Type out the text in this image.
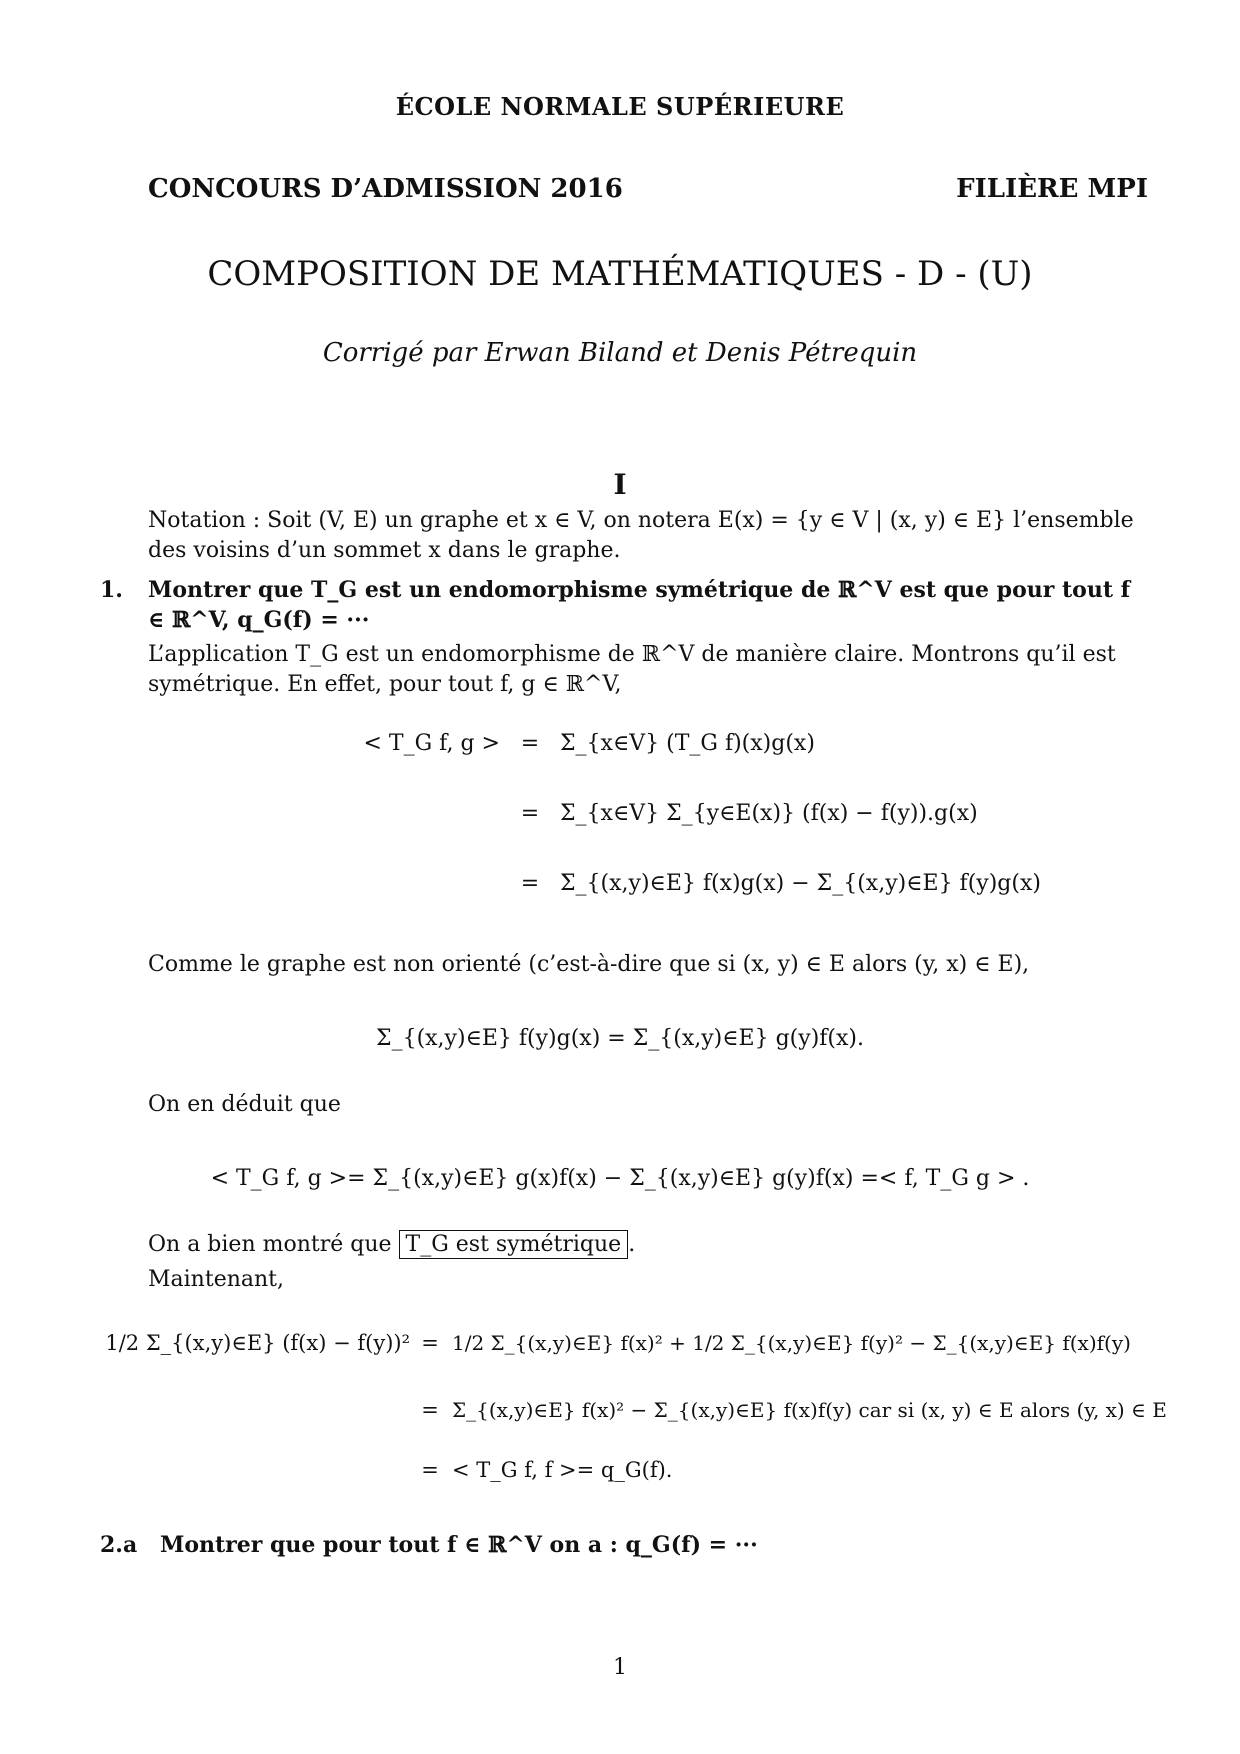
ÉCOLE NORMALE SUPÉRIEURE
CONCOURS D’ADMISSION 2016	FILIÈRE MPI
COMPOSITION DE MATHÉMATIQUES - D - (U)
Corrigé par Erwan Biland et Denis Pétrequin
I
Notation : Soit (V, E) un graphe et x ∈ V, on notera E(x) = {y ∈ V | (x, y) ∈ E} l’ensemble des voisins d’un sommet x dans le graphe.
1. Montrer que T_G est un endomorphisme symétrique de ℝ^V est que pour tout f ∈ ℝ^V, q_G(f) = ···
L’application T_G est un endomorphisme de ℝ^V de manière claire. Montrons qu’il est symétrique. En effet, pour tout f, g ∈ ℝ^V,
< T_G f, g > = Σ_{x∈V} (T_G f)(x)g(x)
= Σ_{x∈V} Σ_{y∈E(x)} (f(x) − f(y)).g(x)
= Σ_{(x,y)∈E} f(x)g(x) − Σ_{(x,y)∈E} f(y)g(x)
Comme le graphe est non orienté (c’est-à-dire que si (x, y) ∈ E alors (y, x) ∈ E),
Σ_{(x,y)∈E} f(y)g(x) = Σ_{(x,y)∈E} g(y)f(x).
On en déduit que
< T_G f, g >= Σ_{(x,y)∈E} g(x)f(x) − Σ_{(x,y)∈E} g(y)f(x) =< f, T_G g > .
On a bien montré que T_G est symétrique .
Maintenant,
1/2 Σ_{(x,y)∈E} (f(x) − f(y))² = 1/2 Σ_{(x,y)∈E} f(x)² + 1/2 Σ_{(x,y)∈E} f(y)² − Σ_{(x,y)∈E} f(x)f(y)
= Σ_{(x,y)∈E} f(x)² − Σ_{(x,y)∈E} f(x)f(y) car si (x, y) ∈ E alors (y, x) ∈ E
= < T_G f, f >= q_G(f).
2.a Montrer que pour tout f ∈ ℝ^V on a : q_G(f) = ···
1
